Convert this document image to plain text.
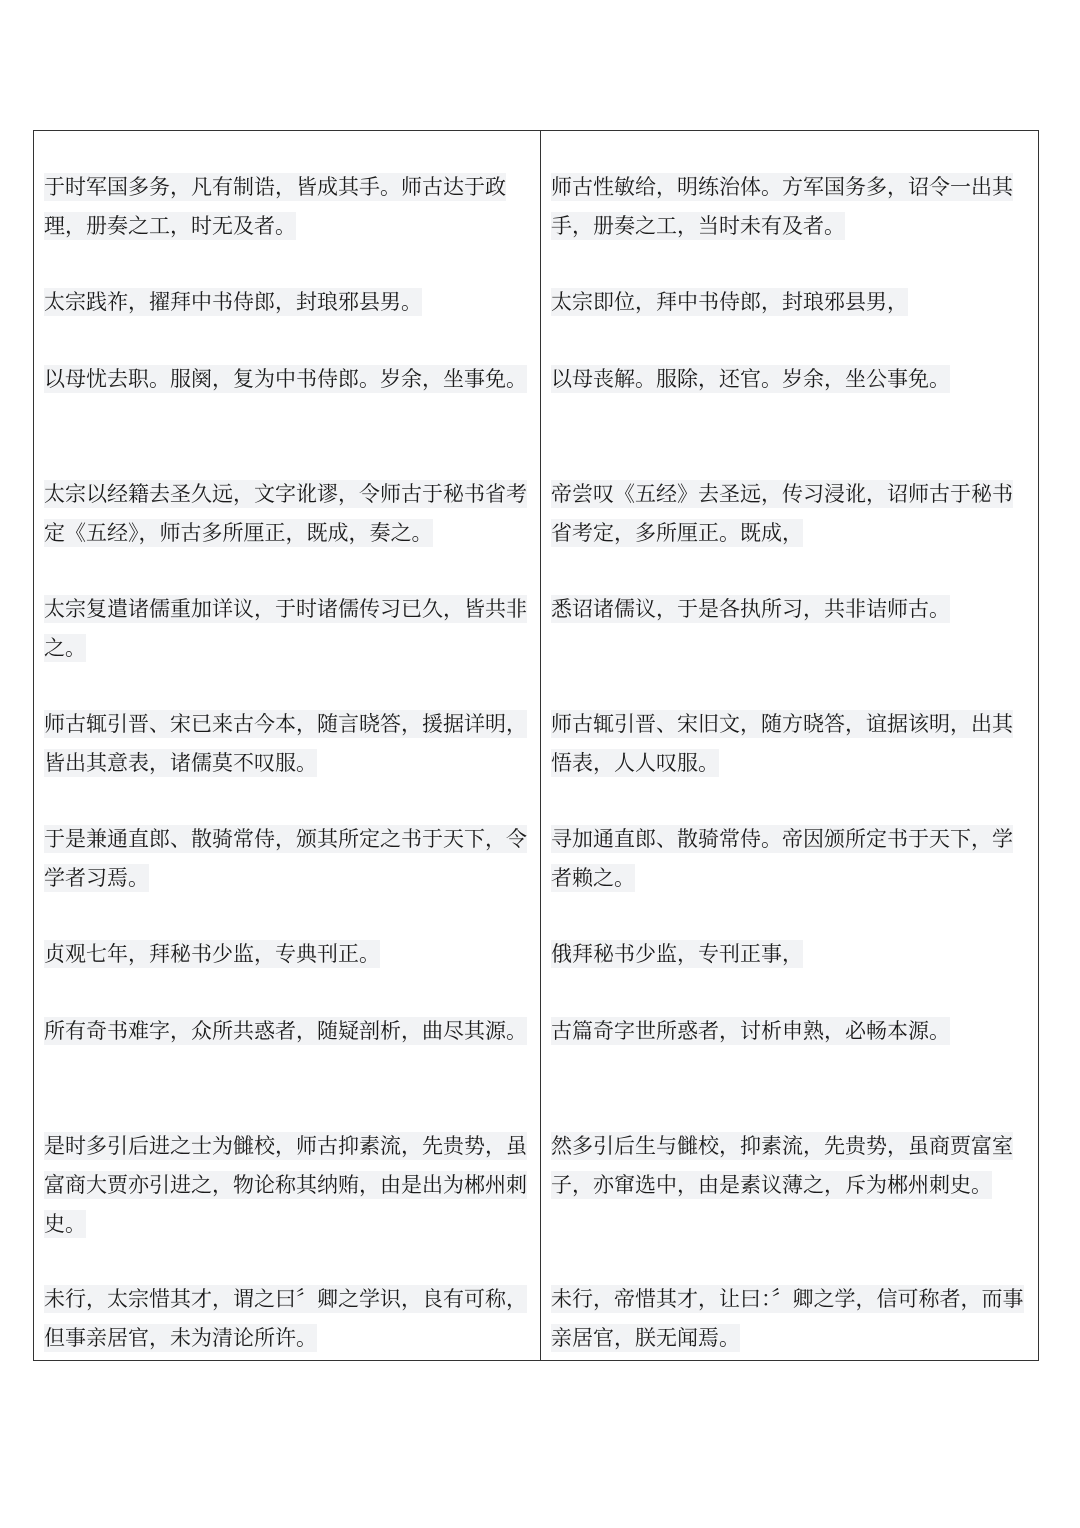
于时军国多务，凡有制诰，皆成其手。师古达于政理，册奏之工，时无及者。

太宗践祚，擢拜中书侍郎，封琅邪县男。

以母忧去职。服阕，复为中书侍郎。岁余，坐事免。

太宗以经籍去圣久远，文字讹谬，令师古于秘书省考定《五经》，师古多所厘正，既成，奏之。

太宗复遣诸儒重加详议，于时诸儒传习已久，皆共非之。

师古辄引晋、宋已来古今本，随言晓答，援据详明，皆出其意表，诸儒莫不叹服。

于是兼通直郎、散骑常侍，颁其所定之书于天下，令学者习焉。

贞观七年，拜秘书少监，专典刊正。

所有奇书难字，众所共惑者，随疑剖析，曲尽其源。

是时多引后进之士为雠校，师古抑素流，先贵势，虽富商大贾亦引进之，物论称其纳贿，由是出为郴州刺史。

未行，太宗惜其才，谓之曰〞卿之学识，良有可称，但事亲居官，未为清论所许。

师古性敏给，明练治体。方军国务多，诏令一出其手，册奏之工，当时未有及者。

太宗即位，拜中书侍郎，封琅邪县男，

以母丧解。服除，还官。岁余，坐公事免。

帝尝叹《五经》去圣远，传习浸讹，诏师古于秘书省考定，多所厘正。既成，

悉诏诸儒议，于是各执所习，共非诘师古。

师古辄引晋、宋旧文，随方晓答，谊据该明，出其悟表，人人叹服。

寻加通直郎、散骑常侍。帝因颁所定书于天下，学者赖之。

俄拜秘书少监，专刊正事，

古篇奇字世所惑者，讨析申熟，必畅本源。

然多引后生与雠校，抑素流，先贵势，虽商贾富室子，亦窜选中，由是素议薄之，斥为郴州刺史。

未行，帝惜其才，让曰：〞卿之学，信可称者，而事亲居官，朕无闻焉。
